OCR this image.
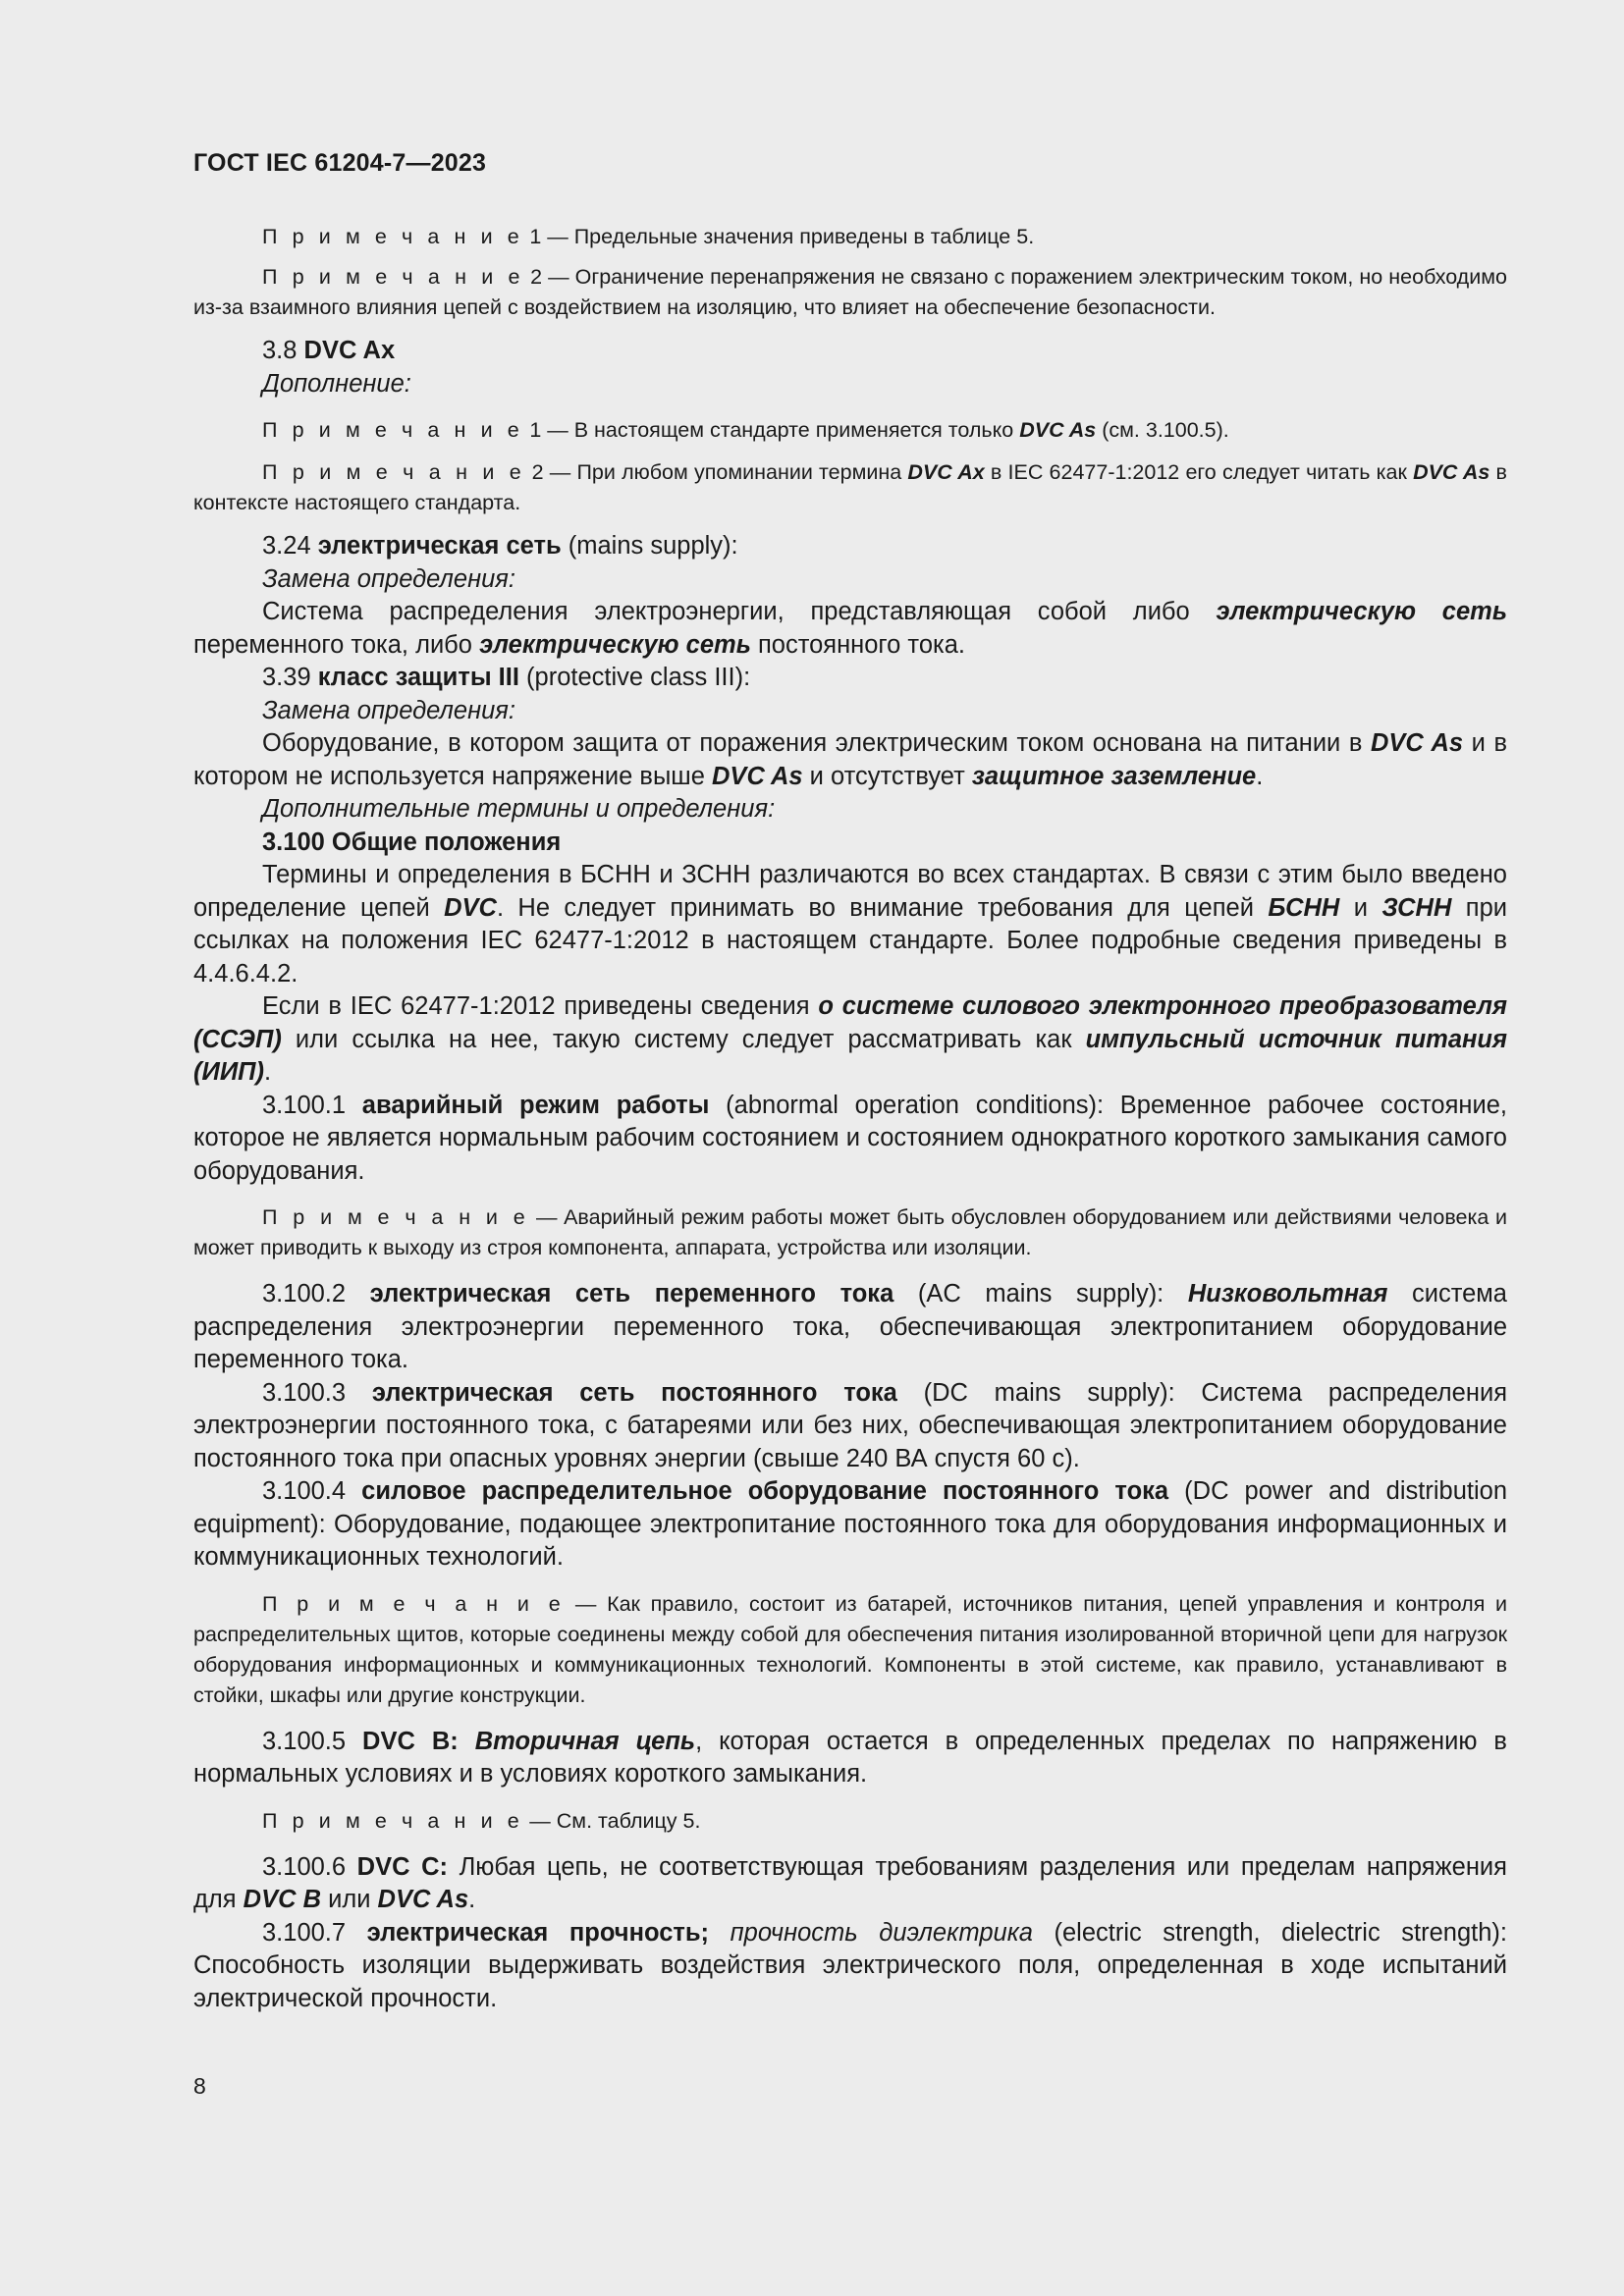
ГОСТ IEC 61204-7—2023

П р и м е ч а н и е 1 — Предельные значения приведены в таблице 5.

П р и м е ч а н и е 2 — Ограничение перенапряжения не связано с поражением электрическим током, но необходимо из-за взаимного влияния цепей с воздействием на изоляцию, что влияет на обеспечение безопасности.

3.8 DVC Ax

Дополнение:

П р и м е ч а н и е 1 — В настоящем стандарте применяется только DVC As (см. 3.100.5).

П р и м е ч а н и е 2 — При любом упоминании термина DVC Ax в IEC 62477-1:2012 его следует читать как DVC As в контексте настоящего стандарта.

3.24 электрическая сеть (mains supply):

Замена определения:

Система распределения электроэнергии, представляющая собой либо электрическую сеть переменного тока, либо электрическую сеть постоянного тока.

3.39 класс защиты III (protective class III):

Замена определения:

Оборудование, в котором защита от поражения электрическим током основана на питании в DVC As и в котором не используется напряжение выше DVC As и отсутствует защитное заземление.

Дополнительные термины и определения:

3.100 Общие положения

Термины и определения в БСНН и ЗСНН различаются во всех стандартах. В связи с этим было введено определение цепей DVC. Не следует принимать во внимание требования для цепей БСНН и ЗСНН при ссылках на положения IEC 62477-1:2012 в настоящем стандарте. Более подробные сведения приведены в 4.4.6.4.2.

Если в IEC 62477-1:2012 приведены сведения о системе силового электронного преобразователя (ССЭП) или ссылка на нее, такую систему следует рассматривать как импульсный источник питания (ИИП).

3.100.1 аварийный режим работы (abnormal operation conditions): Временное рабочее состояние, которое не является нормальным рабочим состоянием и состоянием однократного короткого замыкания самого оборудования.

П р и м е ч а н и е — Аварийный режим работы может быть обусловлен оборудованием или действиями человека и может приводить к выходу из строя компонента, аппарата, устройства или изоляции.

3.100.2 электрическая сеть переменного тока (AC mains supply): Низковольтная система распределения электроэнергии переменного тока, обеспечивающая электропитанием оборудование переменного тока.

3.100.3 электрическая сеть постоянного тока (DC mains supply): Система распределения электроэнергии постоянного тока, с батареями или без них, обеспечивающая электропитанием оборудование постоянного тока при опасных уровнях энергии (свыше 240 ВА спустя 60 с).

3.100.4 силовое распределительное оборудование постоянного тока (DC power and distribution equipment): Оборудование, подающее электропитание постоянного тока для оборудования информационных и коммуникационных технологий.

П р и м е ч а н и е — Как правило, состоит из батарей, источников питания, цепей управления и контроля и распределительных щитов, которые соединены между собой для обеспечения питания изолированной вторичной цепи для нагрузок оборудования информационных и коммуникационных технологий. Компоненты в этой системе, как правило, устанавливают в стойки, шкафы или другие конструкции.

3.100.5 DVC B: Вторичная цепь, которая остается в определенных пределах по напряжению в нормальных условиях и в условиях короткого замыкания.

П р и м е ч а н и е — См. таблицу 5.

3.100.6 DVC C: Любая цепь, не соответствующая требованиям разделения или пределам напряжения для DVC B или DVC As.

3.100.7 электрическая прочность; прочность диэлектрика (electric strength, dielectric strength): Способность изоляции выдерживать воздействия электрического поля, определенная в ходе испытаний электрической прочности.

8
